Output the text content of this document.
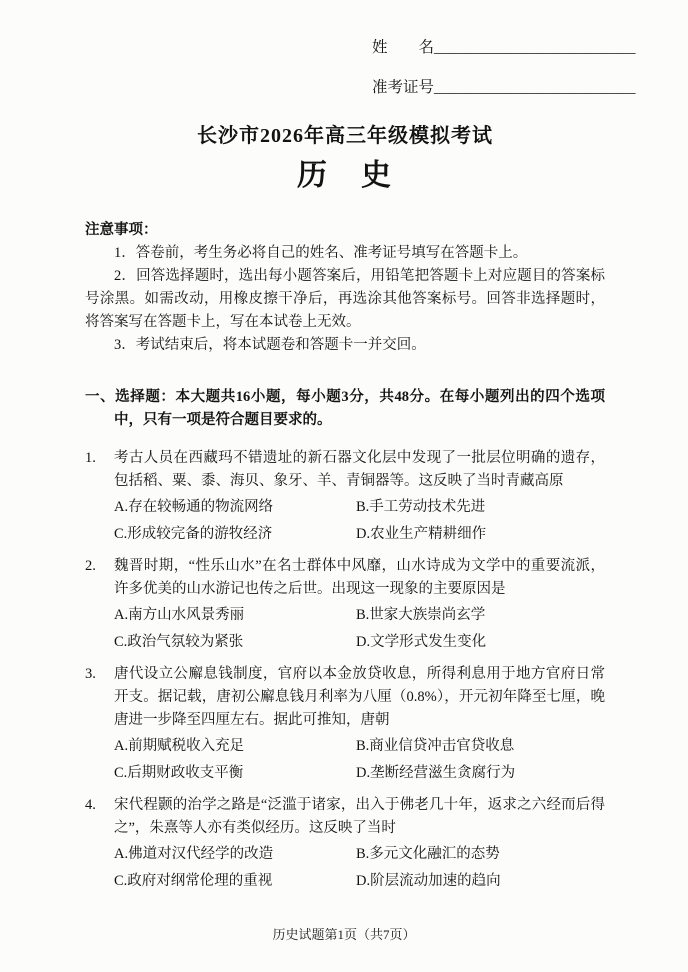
姓　　名__________________________
准考证号__________________________
长沙市2026年高三年级模拟考试
历　史
注意事项：

1．答卷前，考生务必将自己的姓名、准考证号填写在答题卡上。

2．回答选择题时，选出每小题答案后，用铅笔把答题卡上对应题目的答案标号涂黑。如需改动，用橡皮擦干净后，再选涂其他答案标号。回答非选择题时，将答案写在答题卡上，写在本试卷上无效。

3．考试结束后，将本试题卷和答题卡一并交回。

一、选择题：本大题共16小题，每小题3分，共48分。在每小题列出的四个选项中，只有一项是符合题目要求的。

1. 考古人员在西藏玛不错遗址的新石器文化层中发现了一批层位明确的遗存，包括稻、粟、黍、海贝、象牙、羊、青铜器等。这反映了当时青藏高原

A.存在较畅通的物流网络	B.手工劳动技术先进
C.形成较完备的游牧经济	D.农业生产精耕细作
2. 魏晋时期，“性乐山水”在名士群体中风靡，山水诗成为文学中的重要流派，许多优美的山水游记也传之后世。出现这一现象的主要原因是

A.南方山水风景秀丽	B.世家大族崇尚玄学
C.政治气氛较为紧张	D.文学形式发生变化
3. 唐代设立公廨息钱制度，官府以本金放贷收息，所得利息用于地方官府日常开支。据记载，唐初公廨息钱月利率为八厘（0.8%），开元初年降至七厘，晚唐进一步降至四厘左右。据此可推知，唐朝

A.前期赋税收入充足	B.商业信贷冲击官贷收息
C.后期财政收支平衡	D.垄断经营滋生贪腐行为
4. 宋代程颢的治学之路是“泛滥于诸家，出入于佛老几十年，返求之六经而后得之”，朱熹等人亦有类似经历。这反映了当时

A.佛道对汉代经学的改造	B.多元文化融汇的态势
C.政府对纲常伦理的重视	D.阶层流动加速的趋向
历史试题第1页（共7页）
